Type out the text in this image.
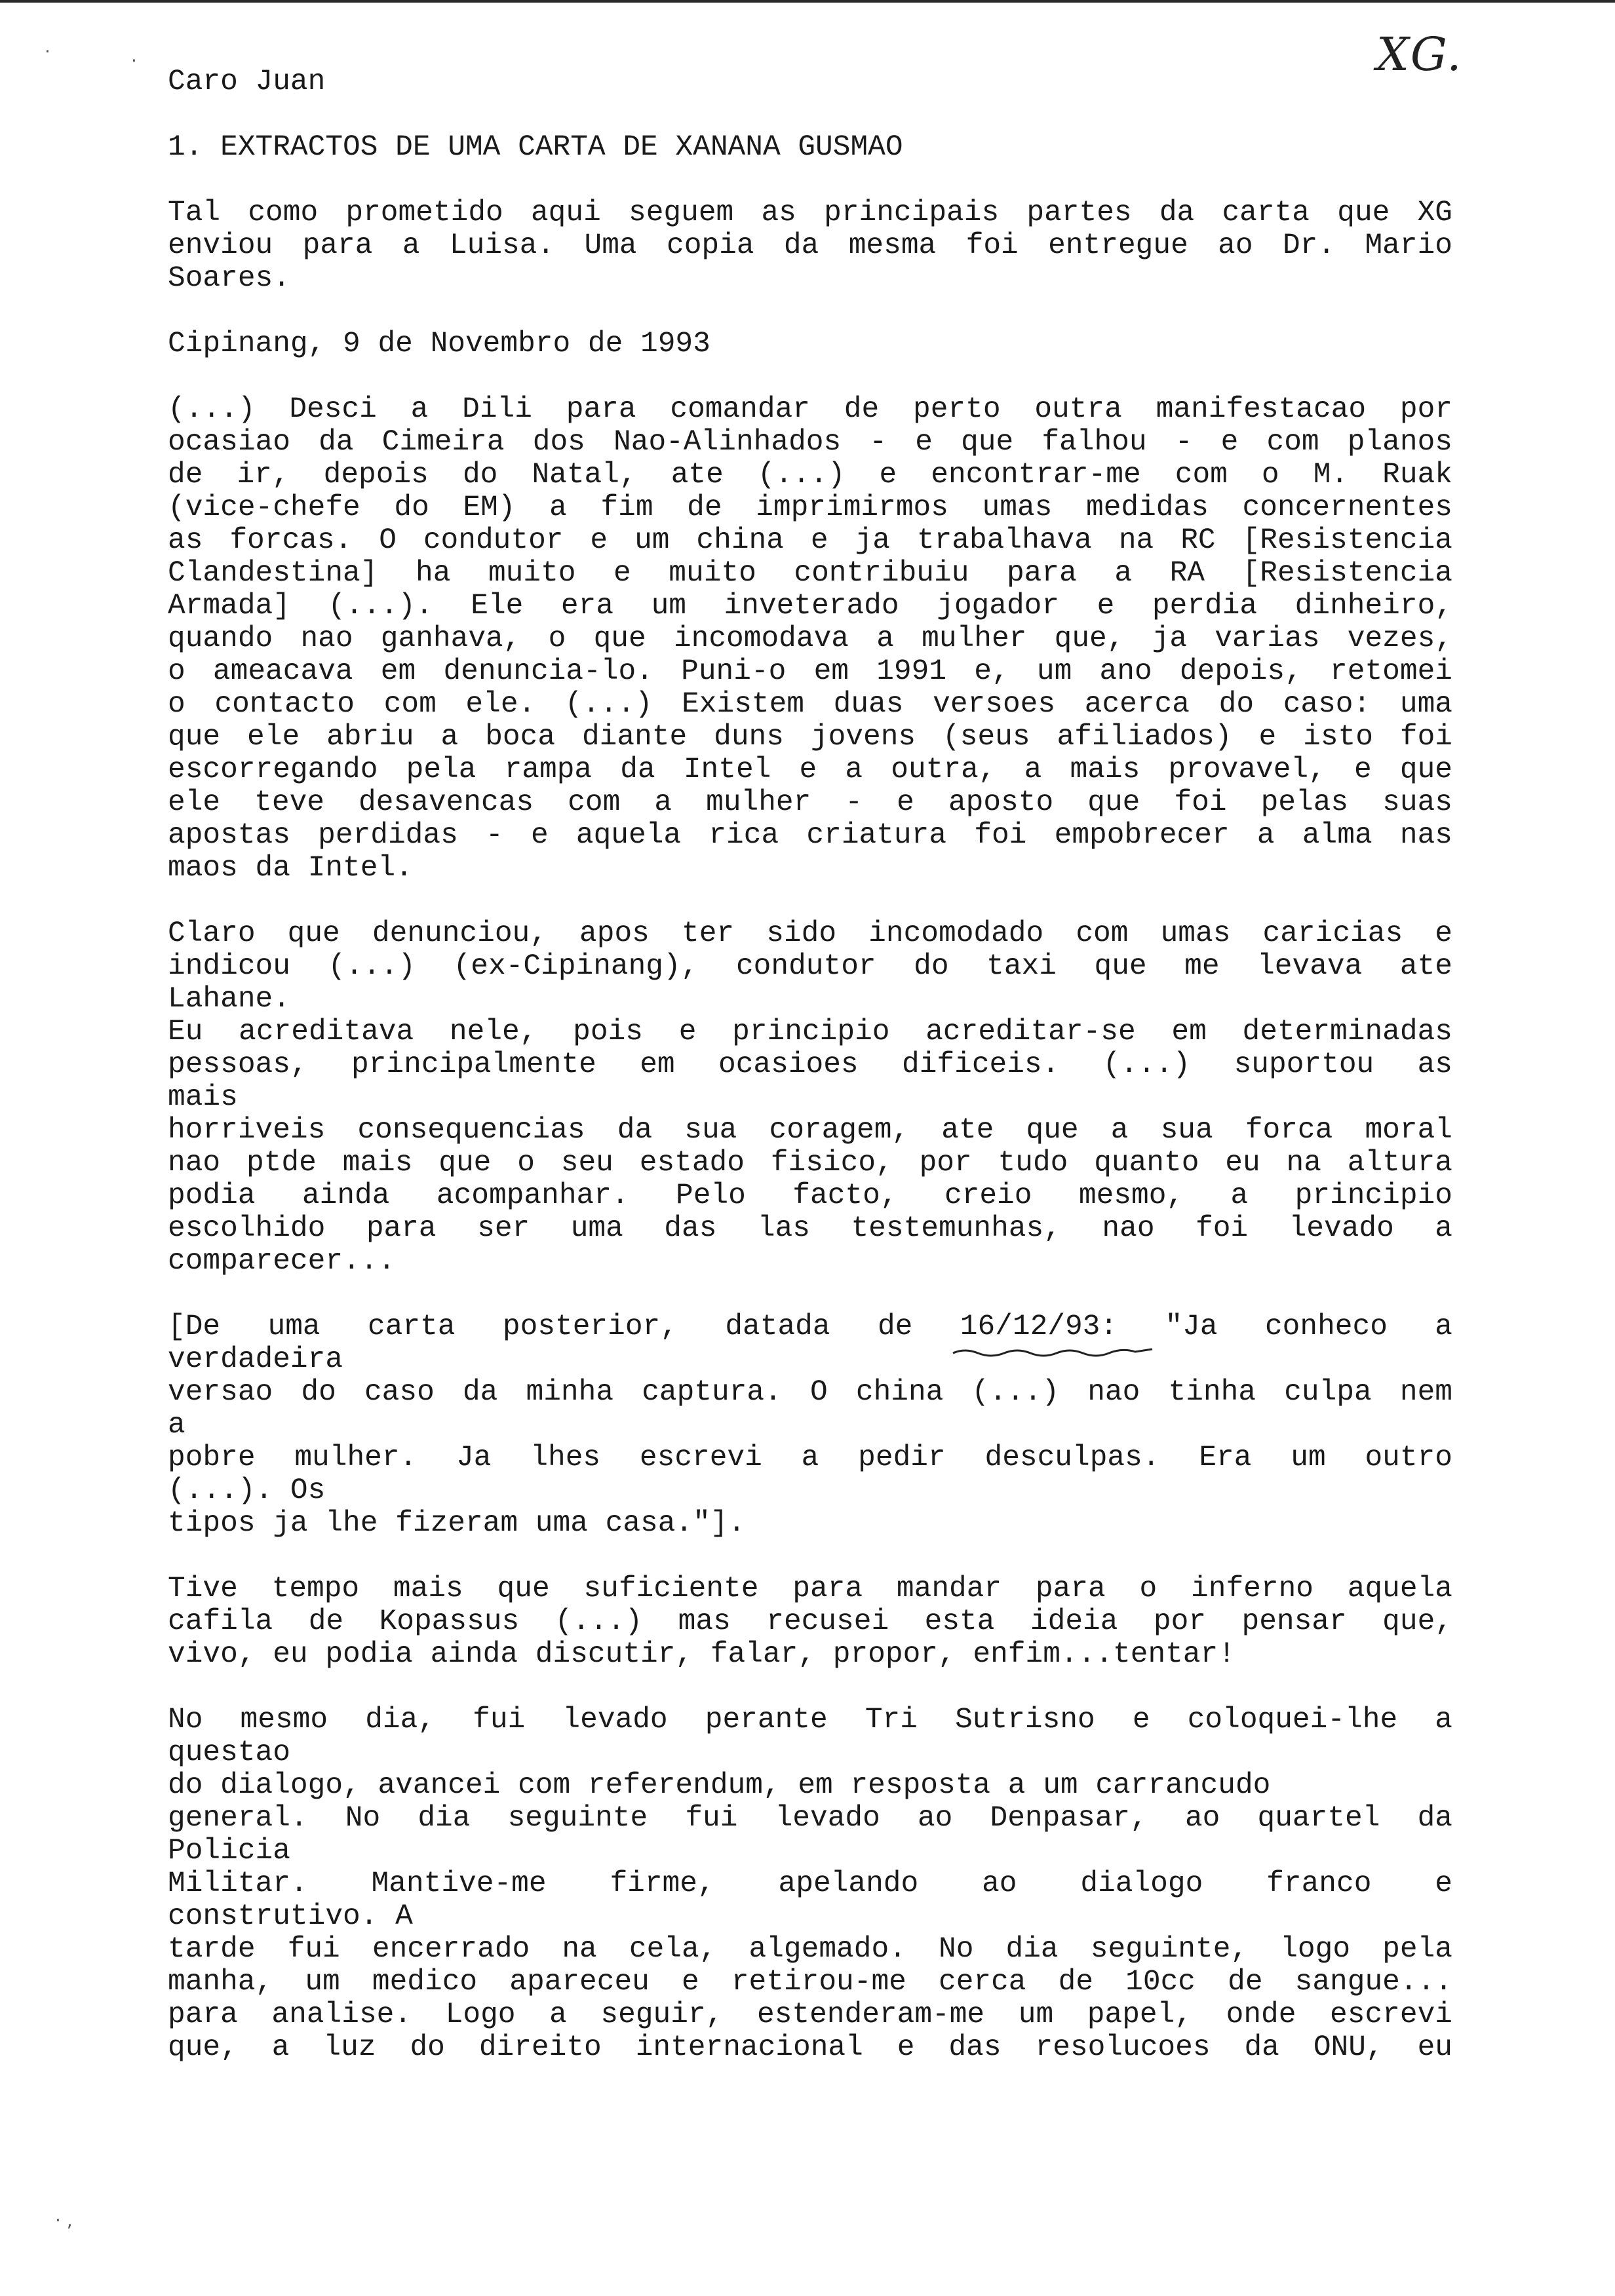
XG.
·	·
· ,
Caro Juan
1. EXTRACTOS DE UMA CARTA DE XANANA GUSMAO
Tal como prometido aqui seguem as principais partes da carta que XG
enviou para a Luisa. Uma copia da mesma foi entregue ao Dr. Mario
Soares.
Cipinang, 9 de Novembro de 1993
(...) Desci a Dili para comandar de perto outra manifestacao por
ocasiao da Cimeira dos Nao-Alinhados - e que falhou - e com planos
de ir, depois do Natal, ate (...) e encontrar-me com o M. Ruak
(vice-chefe do EM) a fim de imprimirmos umas medidas concernentes
as forcas. O condutor e um china e ja trabalhava na RC [Resistencia
Clandestina] ha muito e muito contribuiu para a RA [Resistencia
Armada] (...). Ele era um inveterado jogador e perdia dinheiro,
quando nao ganhava, o que incomodava a mulher que, ja varias vezes,
o ameacava em denuncia-lo. Puni-o em 1991 e, um ano depois, retomei
o contacto com ele. (...) Existem duas versoes acerca do caso: uma
que ele abriu a boca diante duns jovens (seus afiliados) e isto foi
escorregando pela rampa da Intel e a outra, a mais provavel, e que
ele teve desavencas com a mulher - e aposto que foi pelas suas
apostas perdidas - e aquela rica criatura foi empobrecer a alma nas
maos da Intel.
Claro que denunciou, apos ter sido incomodado com umas caricias e
indicou (...) (ex-Cipinang), condutor do taxi que me levava ate
Lahane.
Eu acreditava nele, pois e principio acreditar-se em determinadas
pessoas, principalmente em ocasioes dificeis. (...) suportou as
mais
horriveis consequencias da sua coragem, ate que a sua forca moral
nao ptde mais que o seu estado fisico, por tudo quanto eu na altura
podia ainda acompanhar. Pelo facto, creio mesmo, a principio
escolhido para ser uma das las testemunhas, nao foi levado a
comparecer...
[De uma carta posterior, datada de 16/12/93: "Ja conheco a
verdadeira
versao do caso da minha captura. O china (...) nao tinha culpa nem
a
pobre mulher. Ja lhes escrevi a pedir desculpas. Era um outro
(...). Os
tipos ja lhe fizeram uma casa."].
Tive tempo mais que suficiente para mandar para o inferno aquela
cafila de Kopassus (...) mas recusei esta ideia por pensar que,
vivo, eu podia ainda discutir, falar, propor, enfim...tentar!
No mesmo dia, fui levado perante Tri Sutrisno e coloquei-lhe a
questao
do dialogo, avancei com referendum, em resposta a um carrancudo
general. No dia seguinte fui levado ao Denpasar, ao quartel da
Policia
Militar. Mantive-me firme, apelando ao dialogo franco e
construtivo. A
tarde fui encerrado na cela, algemado. No dia seguinte, logo pela
manha, um medico apareceu e retirou-me cerca de 10cc de sangue...
para analise. Logo a seguir, estenderam-me um papel, onde escrevi
que, a luz do direito internacional e das resolucoes da ONU, eu
